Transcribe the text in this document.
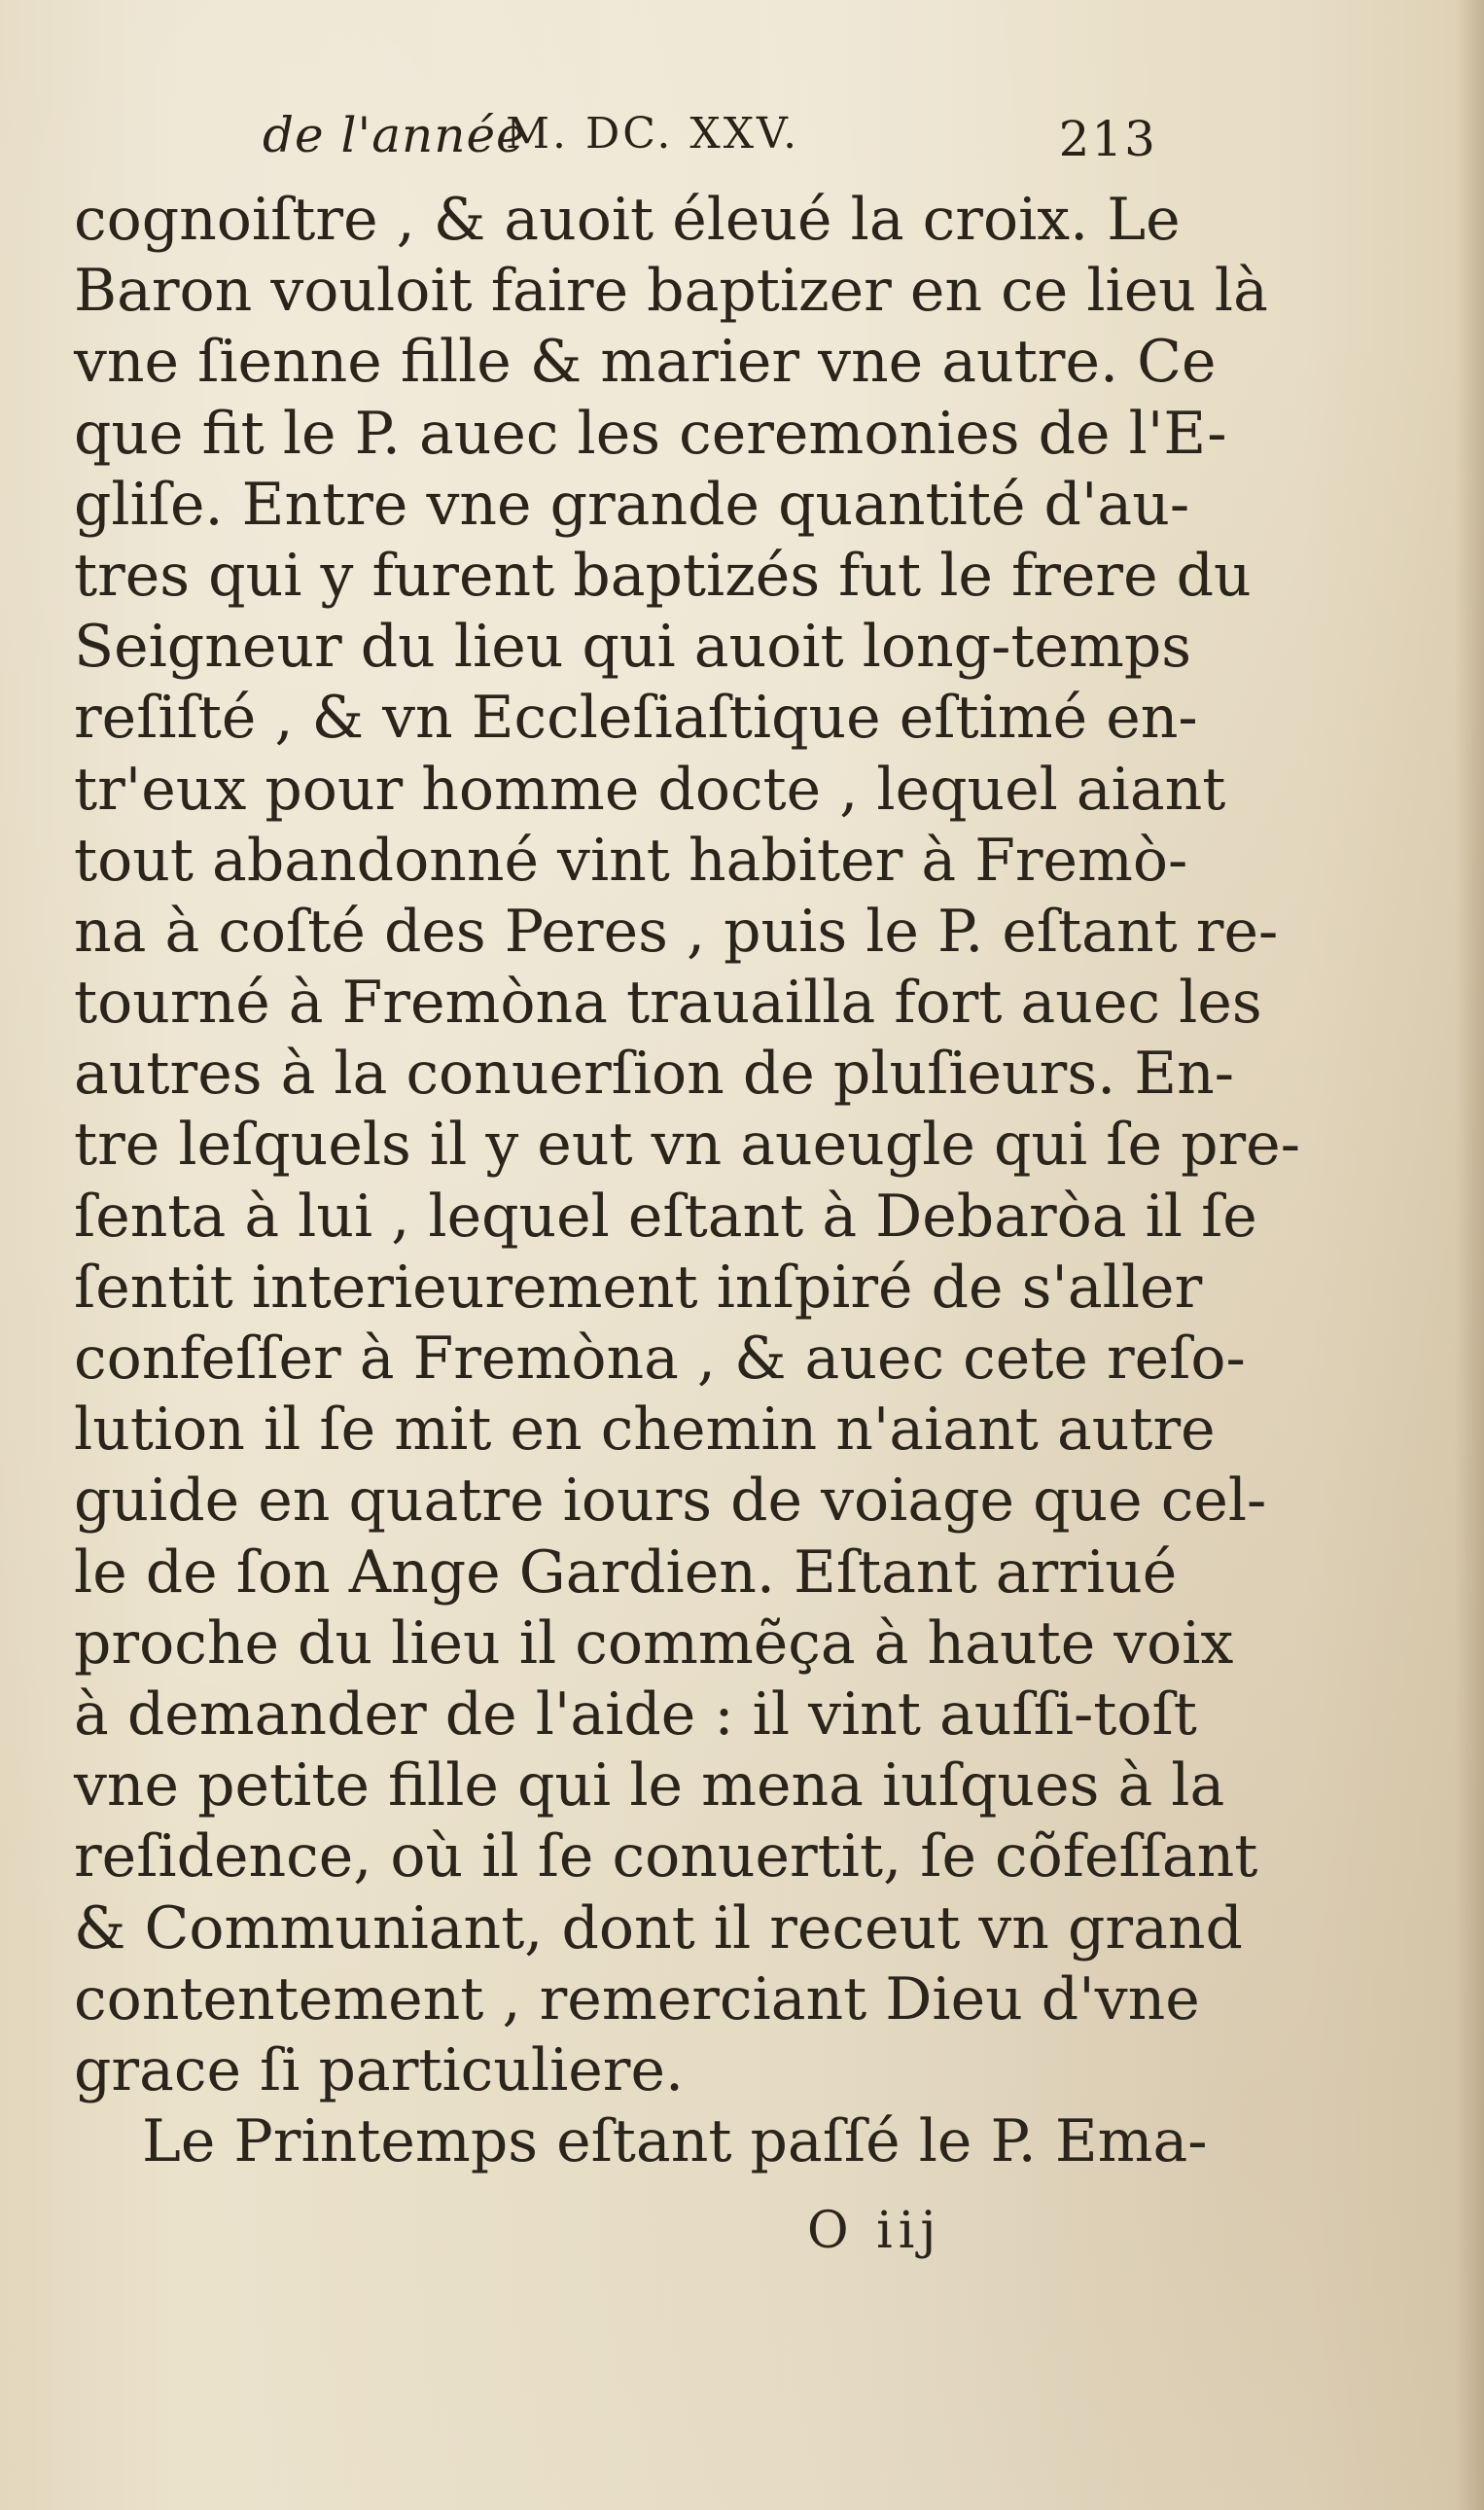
de l'année
M. DC. XXV.	213
cognoiſtre , & auoit éleué la croix. Le
Baron vouloit faire baptizer en ce lieu là
vne ſienne fille & marier vne autre. Ce
que fit le P. auec les ceremonies de l'E-
gliſe. Entre vne grande quantité d'au-
tres qui y furent baptizés fut le frere du
Seigneur du lieu qui auoit long-temps
reſiſté , & vn Eccleſiaſtique eſtimé en-
tr'eux pour homme docte , lequel aiant
tout abandonné vint habiter à Fremò-
na à coſté des Peres , puis le P. eſtant re-
tourné à Fremòna trauailla fort auec les
autres à la conuerſion de pluſieurs. En-
tre leſquels il y eut vn aueugle qui ſe pre-
ſenta à lui , lequel eſtant à Debaròa il ſe
ſentit interieurement inſpiré de s'aller
confeſſer à Fremòna , & auec cete reſo-
lution il ſe mit en chemin n'aiant autre
guide en quatre iours de voiage que cel-
le de ſon Ange Gardien. Eſtant arriué
proche du lieu il commẽça à haute voix
à demander de l'aide : il vint auſſi-toſt
vne petite fille qui le mena iuſques à la
reſidence, où il ſe conuertit, ſe cõfeſſant
& Communiant, dont il receut vn grand
contentement , remerciant Dieu d'vne
grace ſi particuliere.
Le Printemps eſtant paſſé le P. Ema-
O iij
